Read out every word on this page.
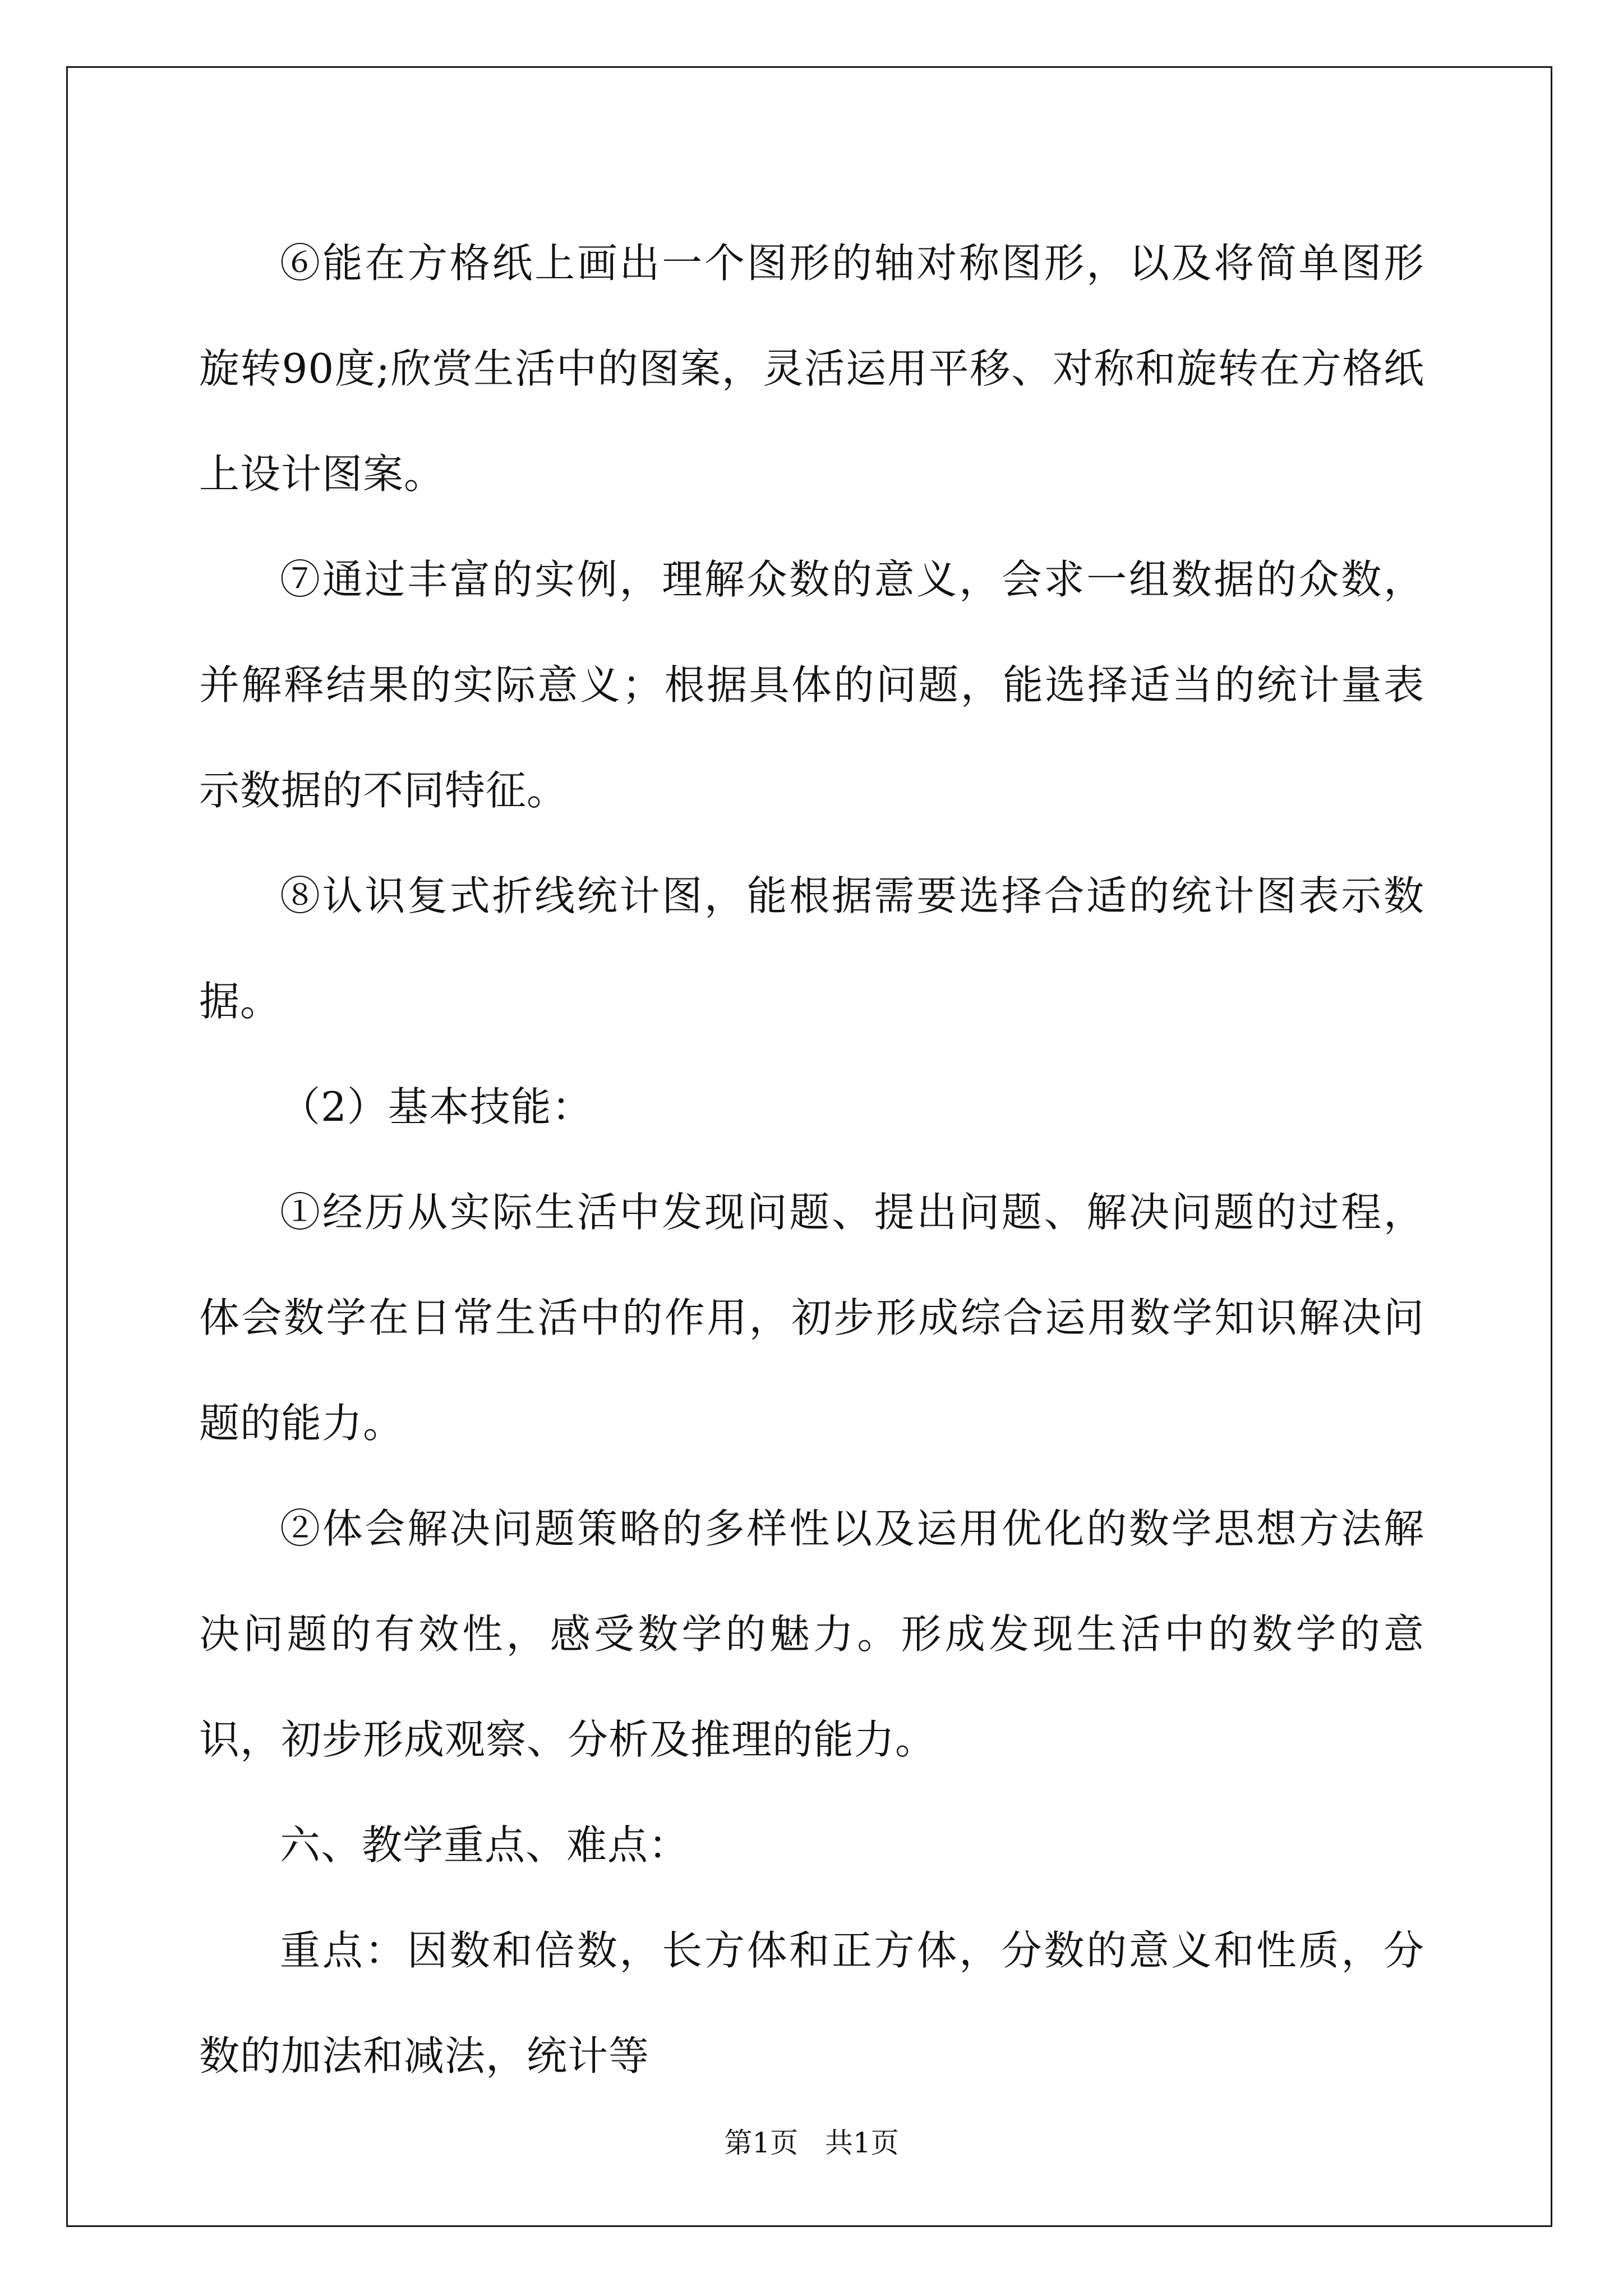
⑥能在方格纸上画出一个图形的轴对称图形，以及将简单图形旋转90度;欣赏生活中的图案，灵活运用平移、对称和旋转在方格纸上设计图案。

⑦通过丰富的实例，理解众数的意义，会求一组数据的众数，并解释结果的实际意义；根据具体的问题，能选择适当的统计量表示数据的不同特征。

⑧认识复式折线统计图，能根据需要选择合适的统计图表示数据。

（2）基本技能：

①经历从实际生活中发现问题、提出问题、解决问题的过程，体会数学在日常生活中的作用，初步形成综合运用数学知识解决问题的能力。

②体会解决问题策略的多样性以及运用优化的数学思想方法解决问题的有效性，感受数学的魅力。形成发现生活中的数学的意识，初步形成观察、分析及推理的能力。

六、教学重点、难点：

重点：因数和倍数，长方体和正方体，分数的意义和性质，分数的加法和减法，统计等

第1页 共1页
